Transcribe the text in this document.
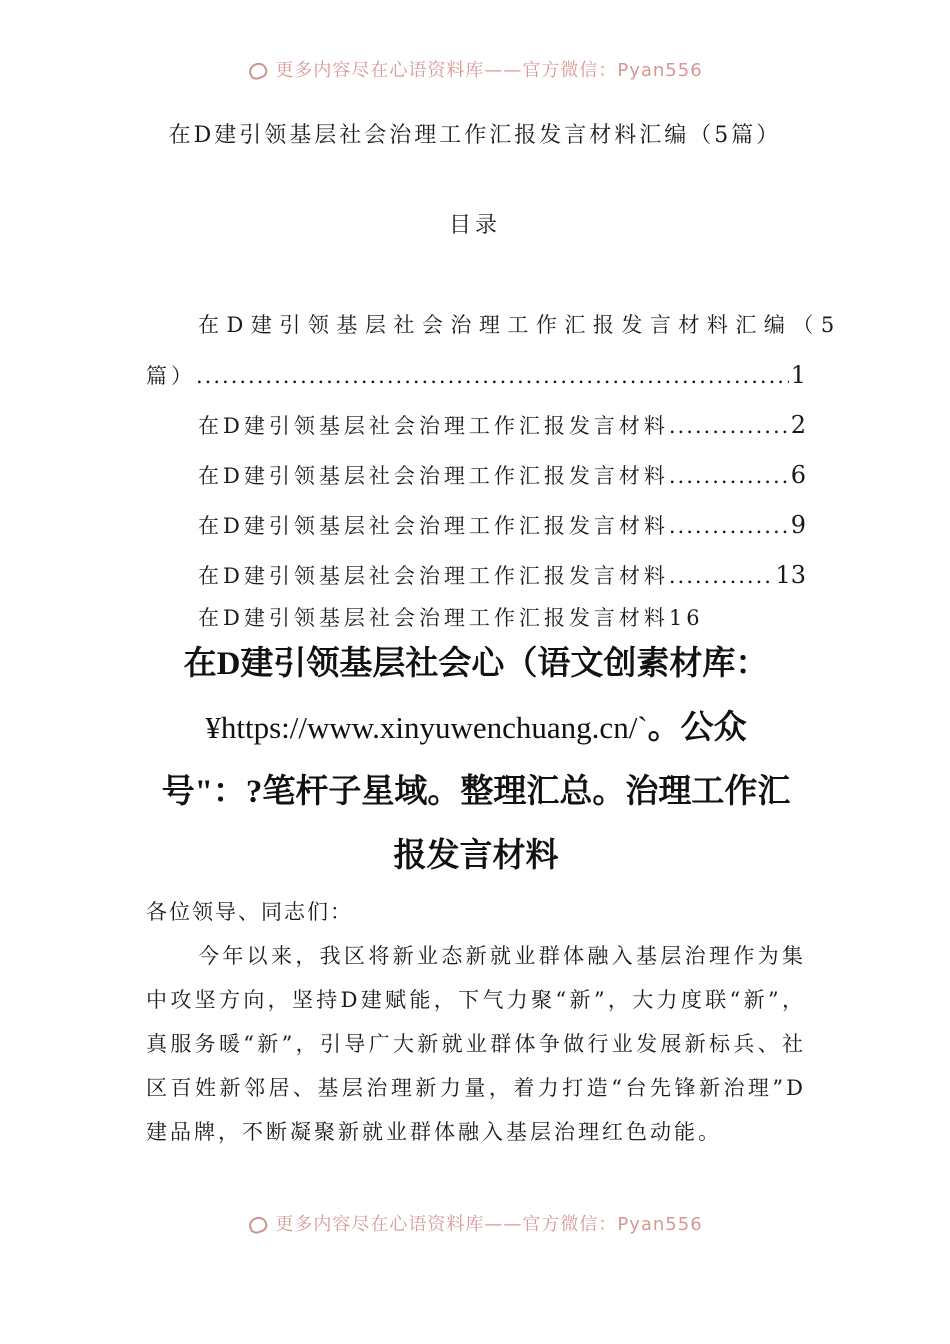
更多内容尽在心语资料库——官方微信：Pyan556
在D建引领基层社会治理工作汇报发言材料汇编（5篇）
目录
在D建引领基层社会治理工作汇报发言材料汇编（5
篇） .....	1
在D建引领基层社会治理工作汇报发言材料 .....	2
在D建引领基层社会治理工作汇报发言材料 .....	6
在D建引领基层社会治理工作汇报发言材料 .....	9
在D建引领基层社会治理工作汇报发言材料 .....	13
在D建引领基层社会治理工作汇报发言材料16
在D建引领基层社会心（语文创素材库：
¥https://www.xinyuwenchuang.cn/`。公众
号"：?笔杆子星域。整理汇总。治理工作汇
报发言材料
各位领导、同志们：

今年以来，我区将新业态新就业群体融入基层治理作为集中攻坚方向，坚持D建赋能，下气力聚“新”，大力度联“新”，真服务暖“新”，引导广大新就业群体争做行业发展新标兵、社区百姓新邻居、基层治理新力量，着力打造“台先锋新治理”D建品牌，不断凝聚新就业群体融入基层治理红色动能。

更多内容尽在心语资料库——官方微信：Pyan556
